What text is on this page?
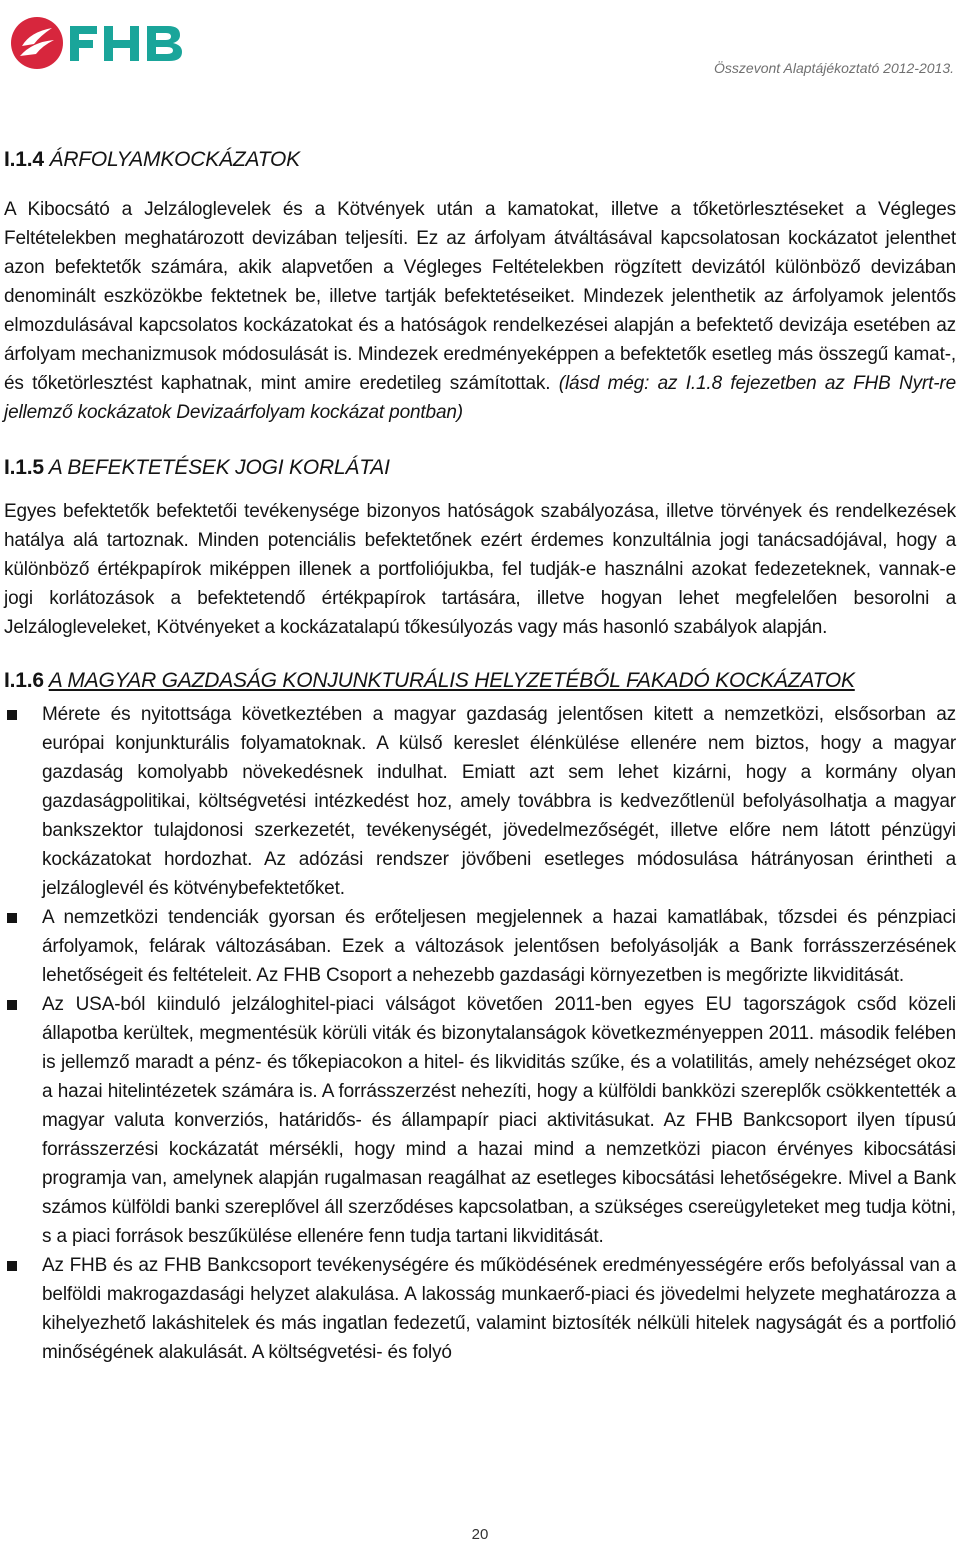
Összevont Alaptájékoztató 2012-2013.
I.1.4 ÁRFOLYAMKOCKÁZATOK

A Kibocsátó a Jelzáloglevelek és a Kötvények után a kamatokat, illetve a tőketörlesztéseket a Végleges Feltételekben meghatározott devizában teljesíti. Ez az árfolyam átváltásával kapcsolatosan kockázatot jelenthet azon befektetők számára, akik alapvetően a Végleges Feltételekben rögzített devizától különböző devizában denominált eszközökbe fektetnek be, illetve tartják befektetéseiket. Mindezek jelenthetik az árfolyamok jelentős elmozdulásával kapcsolatos kockázatokat és a hatóságok rendelkezései alapján a befektető devizája esetében az árfolyam mechanizmusok módosulását is. Mindezek eredményeképpen a befektetők esetleg más összegű kamat-, és tőketörlesztést kaphatnak, mint amire eredetileg számítottak. (lásd még: az I.1.8 fejezetben az FHB Nyrt-re jellemző kockázatok Devizaárfolyam kockázat pontban)

I.1.5 A BEFEKTETÉSEK JOGI KORLÁTAI

Egyes befektetők befektetői tevékenysége bizonyos hatóságok szabályozása, illetve törvények és rendelkezések hatálya alá tartoznak. Minden potenciális befektetőnek ezért érdemes konzultálnia jogi tanácsadójával, hogy a különböző értékpapírok miképpen illenek a portfoliójukba, fel tudják-e használni azokat fedezeteknek, vannak-e jogi korlátozások a befektetendő értékpapírok tartására, illetve hogyan lehet megfelelően besorolni a Jelzálogleveleket, Kötvényeket a kockázatalapú tőkesúlyozás vagy más hasonló szabályok alapján.

I.1.6 A MAGYAR GAZDASÁG KONJUNKTURÁLIS HELYZETÉBŐL FAKADÓ KOCKÁZATOK

Mérete és nyitottsága következtében a magyar gazdaság jelentősen kitett a nemzetközi, elsősorban az európai konjunkturális folyamatoknak. A külső kereslet élénkülése ellenére nem biztos, hogy a magyar gazdaság komolyabb növekedésnek indulhat. Emiatt azt sem lehet kizárni, hogy a kormány olyan gazdaságpolitikai, költségvetési intézkedést hoz, amely továbbra is kedvezőtlenül befolyásolhatja a magyar bankszektor tulajdonosi szerkezetét, tevékenységét, jövedelmezőségét, illetve előre nem látott pénzügyi kockázatokat hordozhat. Az adózási rendszer jövőbeni esetleges módosulása hátrányosan érintheti a jelzáloglevél és kötvénybefektetőket.

A nemzetközi tendenciák gyorsan és erőteljesen megjelennek a hazai kamatlábak, tőzsdei és pénzpiaci árfolyamok, felárak változásában. Ezek a változások jelentősen befolyásolják a Bank forrásszerzésének lehetőségeit és feltételeit. Az FHB Csoport a nehezebb gazdasági környezetben is megőrizte likviditását.

Az USA-ból kiinduló jelzáloghitel-piaci válságot követően 2011-ben egyes EU tagországok csőd közeli állapotba kerültek, megmentésük körüli viták és bizonytalanságok következményeppen 2011. második felében is jellemző maradt a pénz- és tőkepiacokon a hitel- és likviditás szűke, és a volatilitás, amely nehézséget okoz a hazai hitelintézetek számára is. A forrásszerzést nehezíti, hogy a külföldi bankközi szereplők csökkentették a magyar valuta konverziós, határidős- és állampapír piaci aktivitásukat. Az FHB Bankcsoport ilyen típusú forrásszerzési kockázatát mérsékli, hogy mind a hazai mind a nemzetközi piacon érvényes kibocsátási programja van, amelynek alapján rugalmasan reagálhat az esetleges kibocsátási lehetőségekre. Mivel a Bank számos külföldi banki szereplővel áll szerződéses kapcsolatban, a szükséges csereügyleteket meg tudja kötni, s a piaci források beszűkülése ellenére fenn tudja tartani likviditását.

Az FHB és az FHB Bankcsoport tevékenységére és működésének eredményességére erős befolyással van a belföldi makrogazdasági helyzet alakulása. A lakosság munkaerő-piaci és jövedelmi helyzete meghatározza a kihelyezhető lakáshitelek és más ingatlan fedezetű, valamint biztosíték nélküli hitelek nagyságát és a portfolió minőségének alakulását. A költségvetési- és folyó

20
